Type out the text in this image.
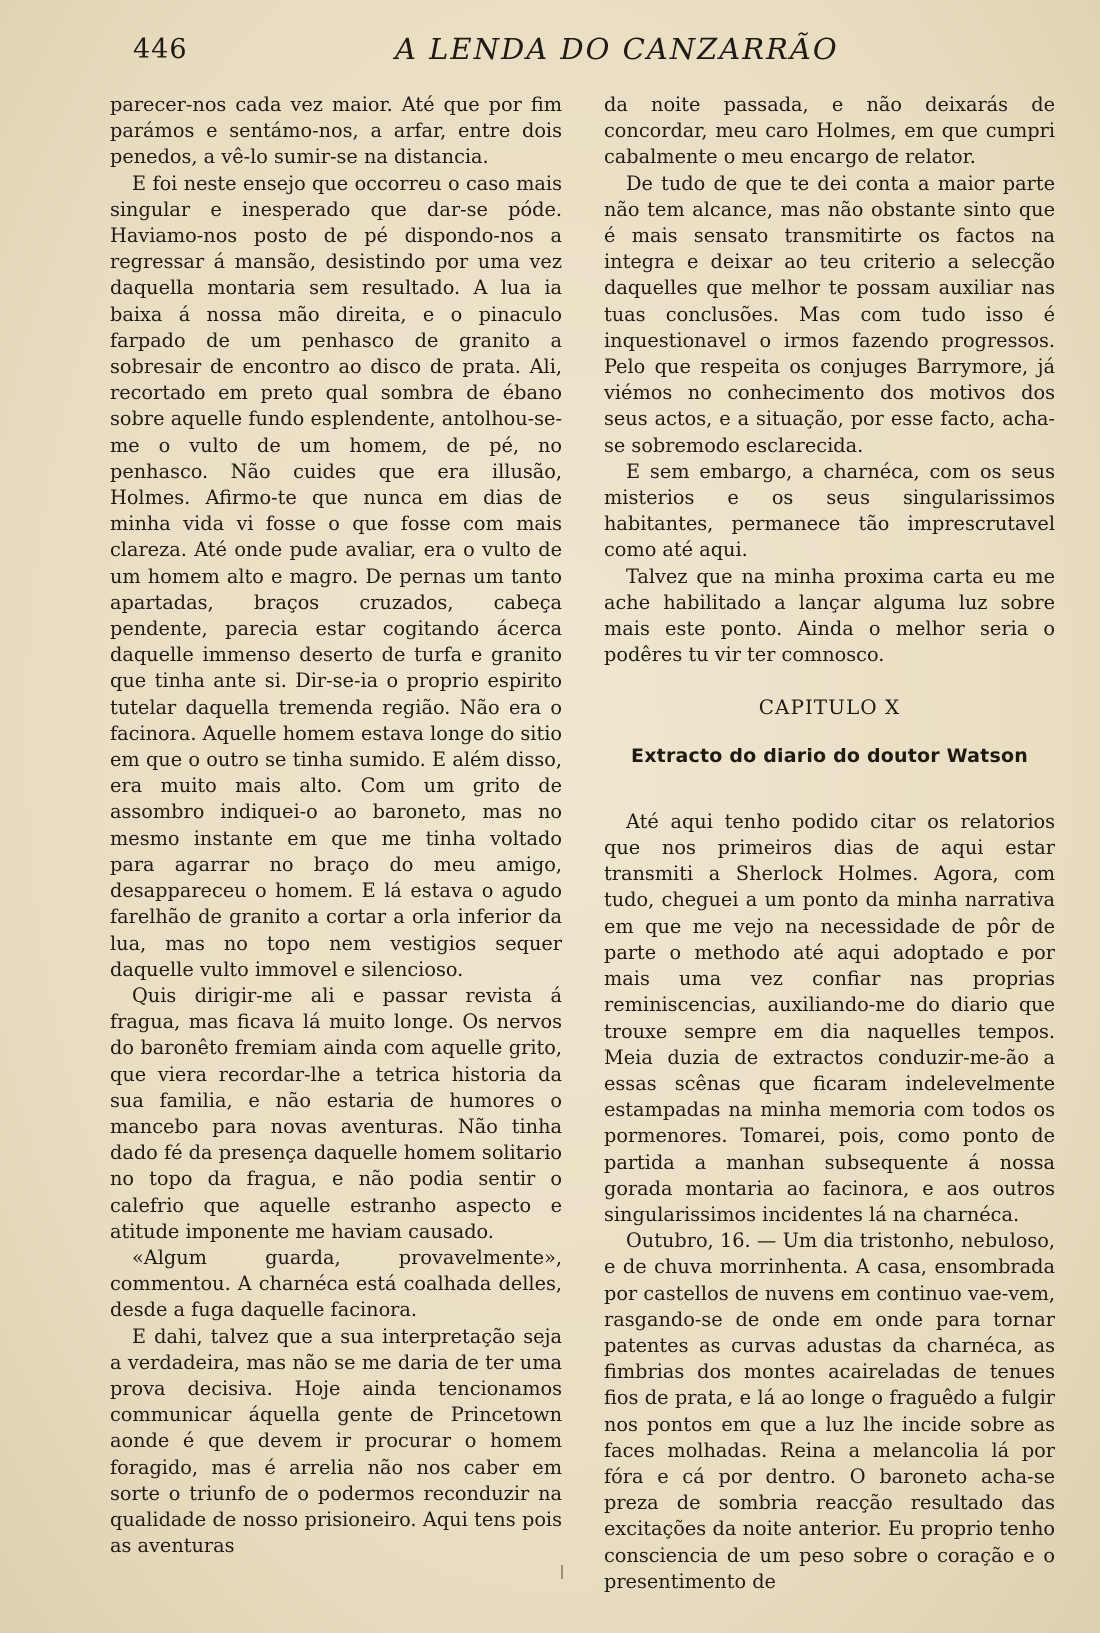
446	A LENDA DO CANZARRÃO

parecer-nos cada vez maior. Até que por fim parámos e sentámo-nos, a arfar, entre dois penedos, a vê-lo sumir-se na distancia.

E foi neste ensejo que occorreu o caso mais singular e inesperado que dar-se póde. Haviamo-nos posto de pé dispondo-nos a regressar á mansão, desistindo por uma vez daquella montaria sem resultado. A lua ia baixa á nossa mão direita, e o pinaculo farpado de um penhasco de granito a sobresair de encontro ao disco de prata. Ali, recortado em preto qual sombra de ébano sobre aquelle fundo esplendente, antolhou-se-me o vulto de um homem, de pé, no penhasco. Não cuides que era illusão, Holmes. Afirmo-te que nunca em dias de minha vida vi fosse o que fosse com mais clareza. Até onde pude avaliar, era o vulto de um homem alto e magro. De pernas um tanto apartadas, braços cruzados, cabeça pendente, parecia estar cogitando ácerca daquelle immenso deserto de turfa e granito que tinha ante si. Dir-se-ia o proprio espirito tutelar daquella tremenda região. Não era o facinora. Aquelle homem estava longe do sitio em que o outro se tinha sumido. E além disso, era muito mais alto. Com um grito de assombro indiquei-o ao baroneto, mas no mesmo instante em que me tinha voltado para agarrar no braço do meu amigo, desappareceu o homem. E lá estava o agudo farelhão de granito a cortar a orla inferior da lua, mas no topo nem vestigios sequer daquelle vulto immovel e silencioso.

Quis dirigir-me ali e passar revista á fragua, mas ficava lá muito longe. Os nervos do baronêto fremiam ainda com aquelle grito, que viera recordar-lhe a tetrica historia da sua familia, e não estaria de humores o mancebo para novas aventuras. Não tinha dado fé da presença daquelle homem solitario no topo da fragua, e não podia sentir o calefrio que aquelle estranho aspecto e atitude imponente me haviam causado.

«Algum guarda, provavelmente», commentou. A charnéca está coalhada delles, desde a fuga daquelle facinora.

E dahi, talvez que a sua interpretação seja a verdadeira, mas não se me daria de ter uma prova decisiva. Hoje ainda tencionamos communicar áquella gente de Princetown aonde é que devem ir procurar o homem foragido, mas é arrelia não nos caber em sorte o triunfo de o podermos reconduzir na qualidade de nosso prisioneiro. Aqui tens pois as aventuras

da noite passada, e não deixarás de concordar, meu caro Holmes, em que cumpri cabalmente o meu encargo de relator.

De tudo de que te dei conta a maior parte não tem alcance, mas não obstante sinto que é mais sensato transmitirte os factos na integra e deixar ao teu criterio a selecção daquelles que melhor te possam auxiliar nas tuas conclusões. Mas com tudo isso é inquestionavel o irmos fazendo progressos. Pelo que respeita os conjuges Barrymore, já viémos no conhecimento dos motivos dos seus actos, e a situação, por esse facto, acha-se sobremodo esclarecida.

E sem embargo, a charnéca, com os seus misterios e os seus singularissimos habitantes, permanece tão imprescrutavel como até aqui.

Talvez que na minha proxima carta eu me ache habilitado a lançar alguma luz sobre mais este ponto. Ainda o melhor seria o podêres tu vir ter comnosco.

CAPITULO X

Extracto do diario do doutor Watson

Até aqui tenho podido citar os relatorios que nos primeiros dias de aqui estar transmiti a Sherlock Holmes. Agora, com tudo, cheguei a um ponto da minha narrativa em que me vejo na necessidade de pôr de parte o methodo até aqui adoptado e por mais uma vez confiar nas proprias reminiscencias, auxiliando-me do diario que trouxe sempre em dia naquelles tempos. Meia duzia de extractos conduzir-me-ão a essas scênas que ficaram indelevelmente estampadas na minha memoria com todos os pormenores. Tomarei, pois, como ponto de partida a manhan subsequente á nossa gorada montaria ao facinora, e aos outros singularissimos incidentes lá na charnéca.

Outubro, 16. — Um dia tristonho, nebuloso, e de chuva morrinhenta. A casa, ensombrada por castellos de nuvens em continuo vae-vem, rasgando-se de onde em onde para tornar patentes as curvas adustas da charnéca, as fimbrias dos montes acaireladas de tenues fios de prata, e lá ao longe o fraguêdo a fulgir nos pontos em que a luz lhe incide sobre as faces molhadas. Reina a melancolia lá por fóra e cá por dentro. O baroneto acha-se preza de sombria reacção resultado das excitações da noite anterior. Eu proprio tenho consciencia de um peso sobre o coração e o presentimento de
